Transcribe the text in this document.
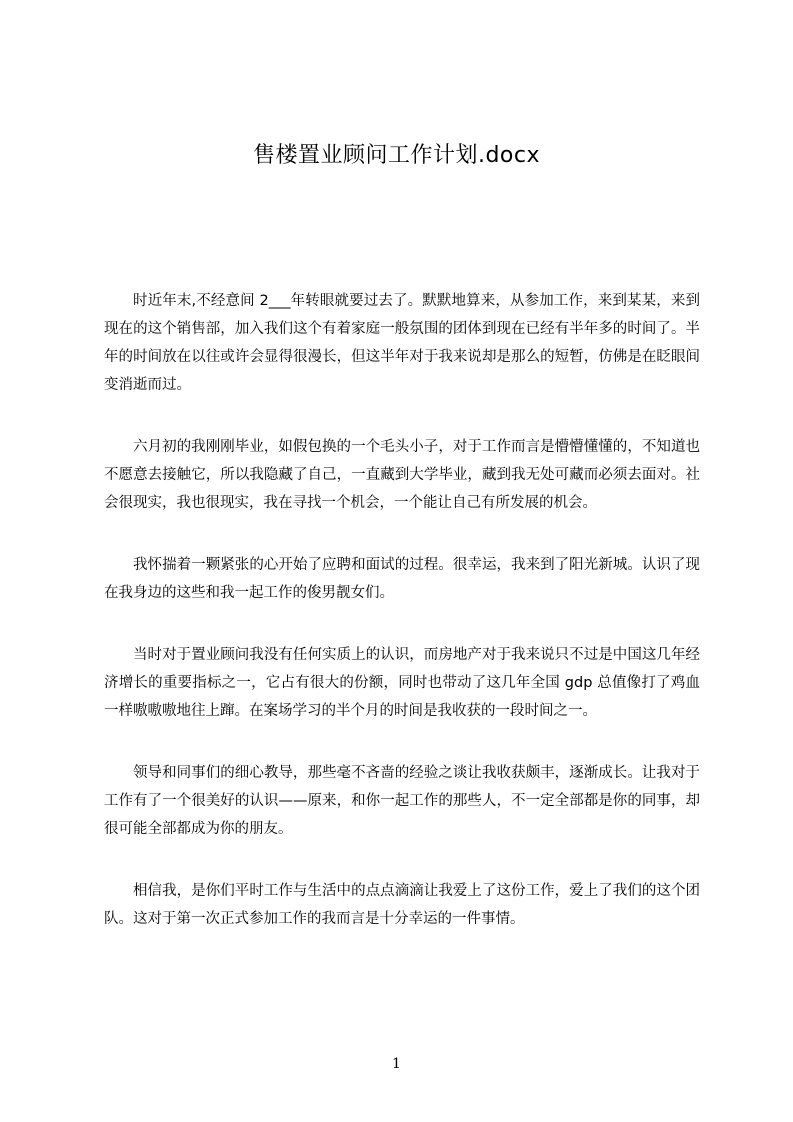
售楼置业顾问工作计划.docx

时近年末,不经意间 2___年转眼就要过去了。默默地算来，从参加工作，来到某某，来到现在的这个销售部，加入我们这个有着家庭一般氛围的团体到现在已经有半年多的时间了。半年的时间放在以往或许会显得很漫长，但这半年对于我来说却是那么的短暂，仿佛是在眨眼间变消逝而过。

六月初的我刚刚毕业，如假包换的一个毛头小子，对于工作而言是懵懵懂懂的，不知道也不愿意去接触它，所以我隐藏了自己，一直藏到大学毕业，藏到我无处可藏而必须去面对。社会很现实，我也很现实，我在寻找一个机会，一个能让自己有所发展的机会。

我怀揣着一颗紧张的心开始了应聘和面试的过程。很幸运，我来到了阳光新城。认识了现在我身边的这些和我一起工作的俊男靓女们。

当时对于置业顾问我没有任何实质上的认识，而房地产对于我来说只不过是中国这几年经济增长的重要指标之一，它占有很大的份额，同时也带动了这几年全国 gdp 总值像打了鸡血一样嗷嗷嗷地往上蹿。在案场学习的半个月的时间是我收获的一段时间之一。

领导和同事们的细心教导，那些毫不吝啬的经验之谈让我收获颇丰，逐渐成长。让我对于工作有了一个很美好的认识——原来，和你一起工作的那些人，不一定全部都是你的同事，却很可能全部都成为你的朋友。

相信我，是你们平时工作与生活中的点点滴滴让我爱上了这份工作，爱上了我们的这个团队。这对于第一次正式参加工作的我而言是十分幸运的一件事情。

1
